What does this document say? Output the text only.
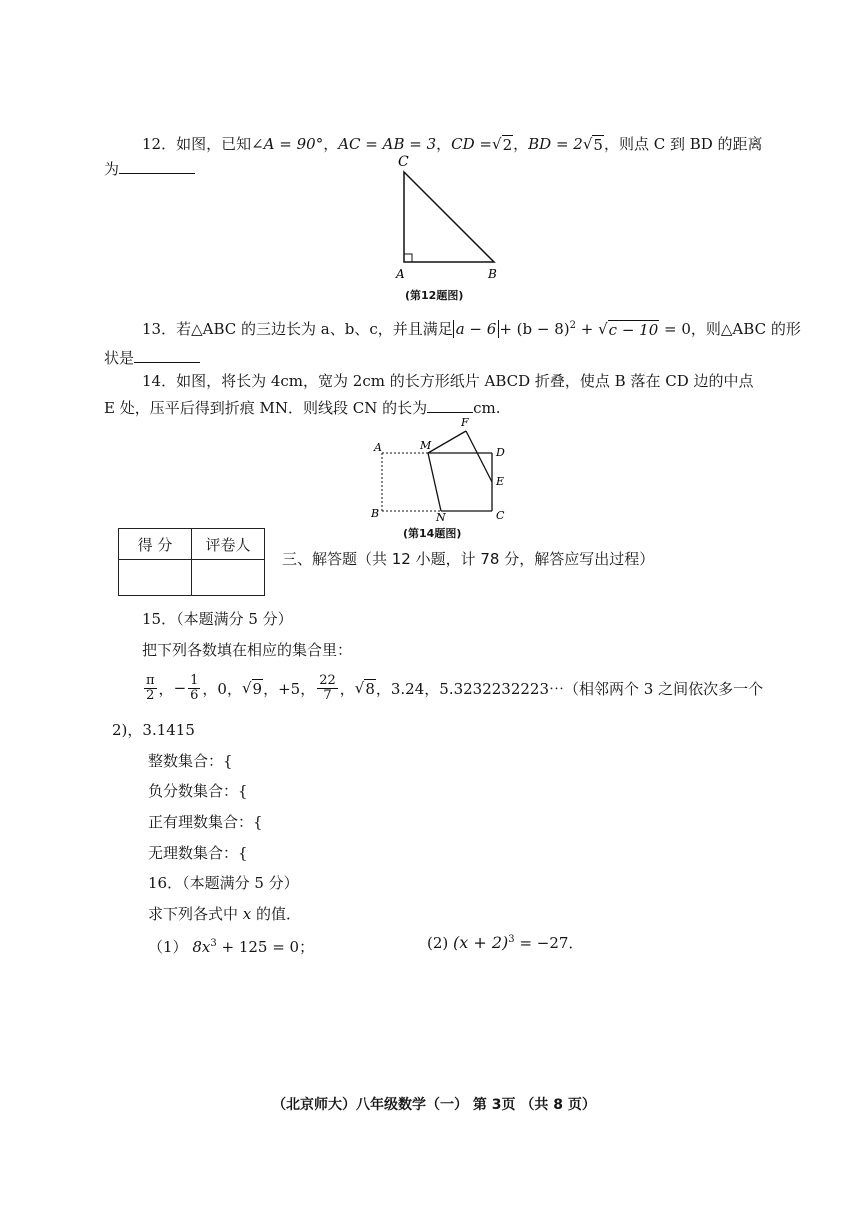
12．如图，已知∠A = 90°，AC = AB = 3，CD =√ 2 ，BD = 2√ 5 ，则点 C 到 BD 的距离
为	C
A	B
(第12题图)
13．若△ABC 的三边长为 a、b、c，并且满足 $a - 6 + (b - 8)^2$ + √ c − 10 = 0，则△ABC 的形
状是
14．如图，将长为 4cm，宽为 2cm 的长方形纸片 ABCD 折叠，使点 B 落在 CD 边的中点
E 处，压平后得到折痕 MN．则线段 CN 的长为	cm.
A	M
F
D
E
B	N	C
(第14题图)
得 分	评卷人

三、解答题（共 12 小题，计 78 分，解答应写出过程）
15．（本题满分 5 分）
把下列各数填在相应的集合里：
$\frac{\pi}{2}$ ， − $\frac{1}{6}$ ，0， √ 9 ，+5， $\frac{22}{7}$ ， √ 8 ，3.24，5.3232232223⋯（相邻两个 3 之间依次多一个
2)，3.1415
整数集合：{
负分数集合：{
正有理数集合：{
无理数集合：{
16．（本题满分 5 分）
求下列各式中 x 的值．
（1） $8x^3 + 125 = 0$；	(2) $(x + 2)^3 = -27$．
（北京师大）八年级数学（一） 第 3页 （共 8 页）
